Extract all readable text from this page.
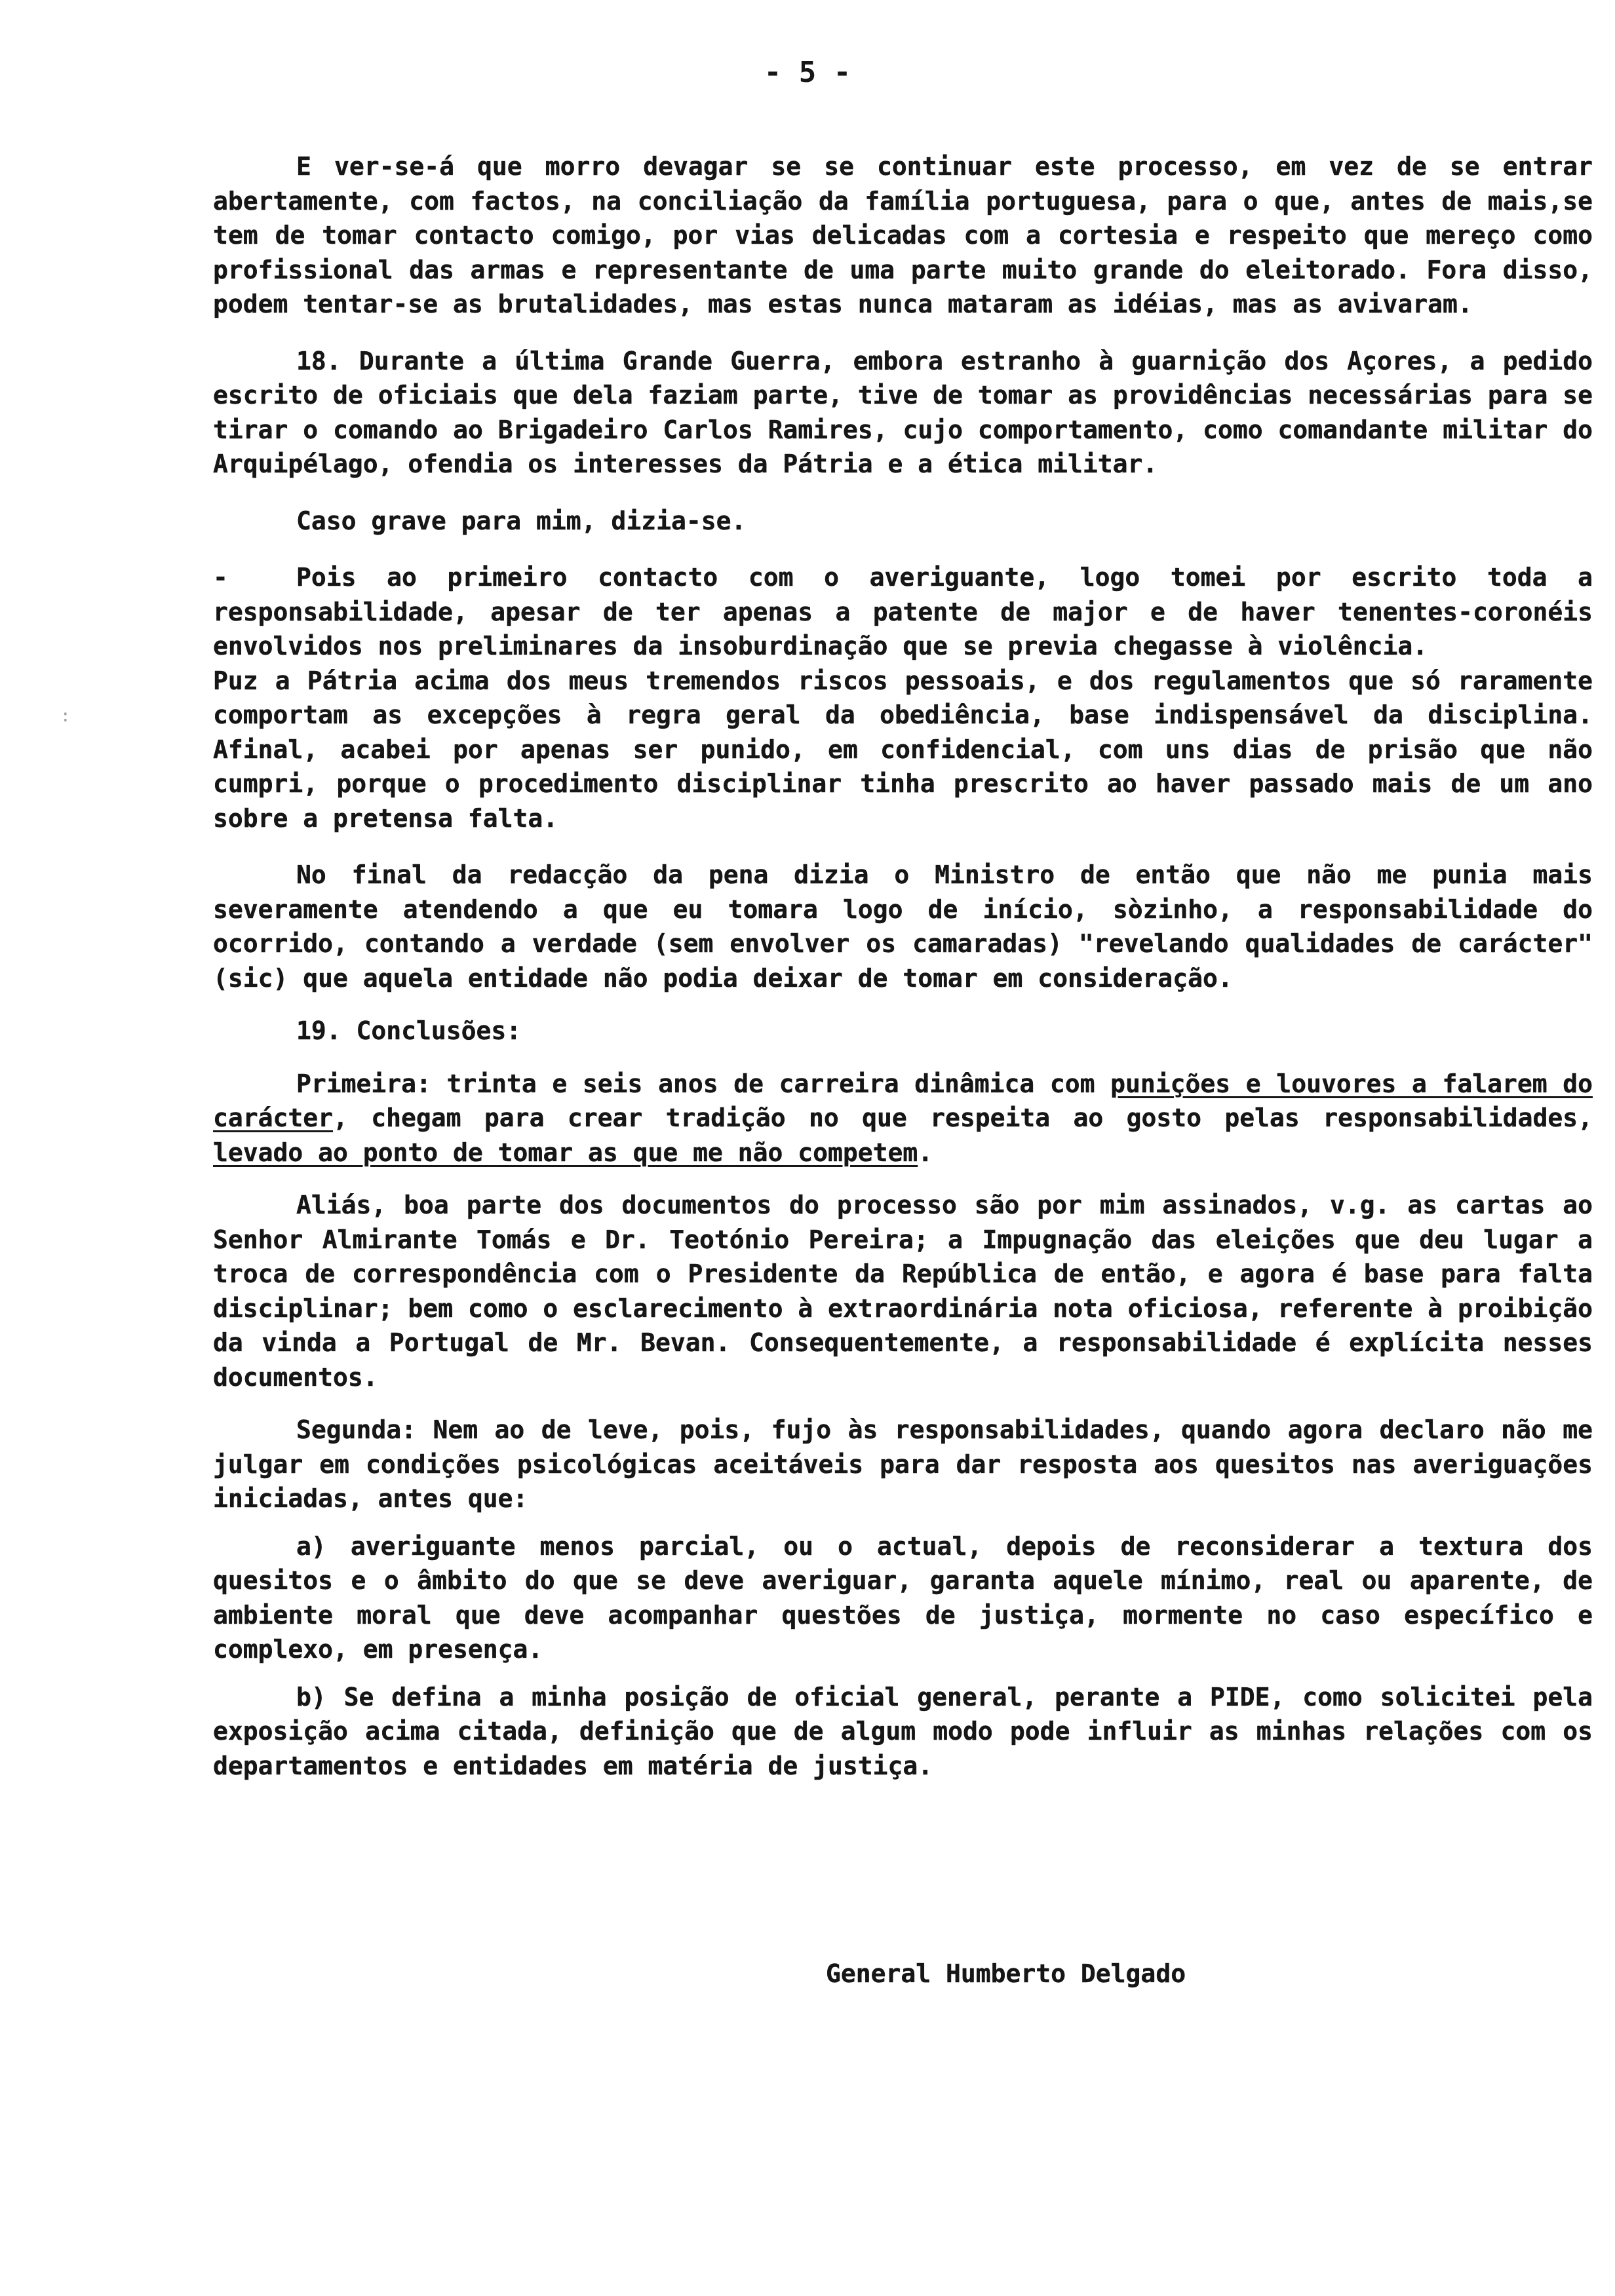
- 5 -
:

E ver-se-á que morro devagar se se continuar este processo, em vez de se entrar abertamente, com factos, na conciliação da família portuguesa, para o que, antes de mais,se tem de tomar contacto comigo, por vias delicadas com a cortesia e respeito que mereço como profissional das armas e representante de uma parte muito grande do eleitorado. Fora disso, podem tentar-se as brutalidades, mas estas nunca mataram as idéias, mas as avivaram.

18. Durante a última Grande Guerra, embora estranho à guarnição dos Açores, a pedido escrito de oficiais que dela faziam parte, tive de tomar as providências necessárias para se tirar o comando ao Brigadeiro Carlos Ramires, cujo comportamento, como comandante militar do Arquipélago, ofendia os interesses da Pátria e a ética militar.

Caso grave para mim, dizia-se.

-	Pois ao primeiro contacto com o averiguante, logo tomei por escrito toda a responsabilidade, apesar de ter apenas a patente de major e de haver tenentes-coronéis envolvidos nos preliminares da insoburdinação que se previa chegasse à violência.

Puz a Pátria acima dos meus tremendos riscos pessoais, e dos regulamentos que só raramente comportam as excepções à regra geral da obediência, base indispensável da disciplina. Afinal, acabei por apenas ser punido, em confidencial, com uns dias de prisão que não cumpri, porque o procedimento disciplinar tinha prescrito ao haver passado mais de um ano sobre a pretensa falta.

No final da redacção da pena dizia o Ministro de então que não me punia mais severamente atendendo a que eu tomara logo de início, sòzinho, a responsabilidade do ocorrido, contando a verdade (sem envolver os camaradas) "revelando qualidades de carácter" (sic) que aquela entidade não podia deixar de tomar em consideração.

19. Conclusões:

Primeira: trinta e seis anos de carreira dinâmica com punições e louvores a falarem do carácter, chegam para crear tradição no que respeita ao gosto pelas responsabilidades, levado ao ponto de tomar as que me não competem.

Aliás, boa parte dos documentos do processo são por mim assinados, v.g. as cartas ao Senhor Almirante Tomás e Dr. Teotónio Pereira; a Impugnação das eleições que deu lugar a troca de correspondência com o Presidente da República de então, e agora é base para falta disciplinar; bem como o esclarecimento à extraordinária nota oficiosa, referente à proibição da vinda a Portugal de Mr. Bevan. Consequentemente, a responsabilidade é explícita nesses documentos.

Segunda: Nem ao de leve, pois, fujo às responsabilidades, quando agora declaro não me julgar em condições psicológicas aceitáveis para dar resposta aos quesitos nas averiguações iniciadas, antes que:

a) averiguante menos parcial, ou o actual, depois de reconsiderar a textura dos quesitos e o âmbito do que se deve averiguar, garanta aquele mínimo, real ou aparente, de ambiente moral que deve acompanhar questões de justiça, mormente no caso específico e complexo, em presença.

b) Se defina a minha posição de oficial general, perante a PIDE, como solicitei pela exposição acima citada, definição que de algum modo pode influir as minhas relações com os departamentos e entidades em matéria de justiça.

General Humberto Delgado
